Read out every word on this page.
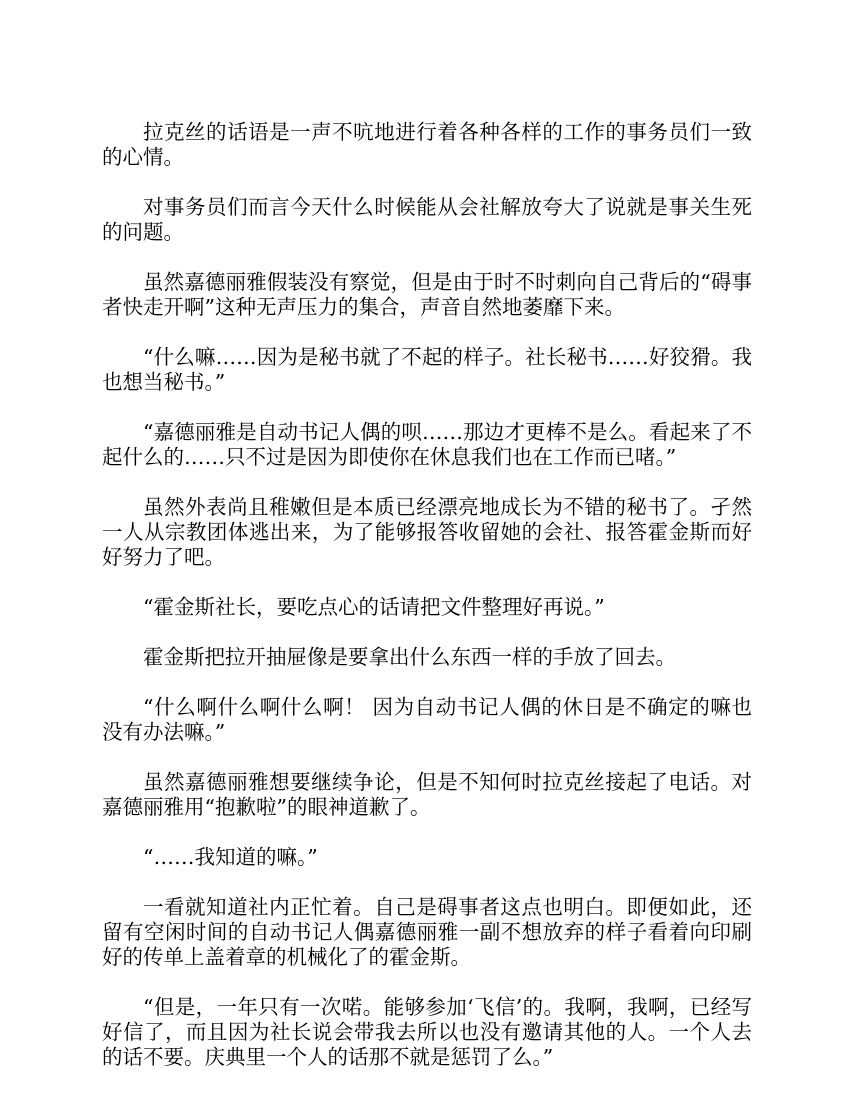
拉克丝的话语是一声不吭地进行着各种各样的工作的事务员们一致的心情。

对事务员们而言今天什么时候能从会社解放夸大了说就是事关生死的问题。

虽然嘉德丽雅假装没有察觉，但是由于时不时刺向自己背后的“碍事者快走开啊”这种无声压力的集合，声音自然地萎靡下来。

“什么嘛……因为是秘书就了不起的样子。社长秘书……好狡猾。我也想当秘书。”

“嘉德丽雅是自动书记人偶的呗……那边才更棒不是么。看起来了不起什么的……只不过是因为即使你在休息我们也在工作而已啫。”

虽然外表尚且稚嫩但是本质已经漂亮地成长为不错的秘书了。孑然一人从宗教团体逃出来，为了能够报答收留她的会社、报答霍金斯而好好努力了吧。

“霍金斯社长，要吃点心的话请把文件整理好再说。”

霍金斯把拉开抽屉像是要拿出什么东西一样的手放了回去。

“什么啊什么啊什么啊！ 因为自动书记人偶的休日是不确定的嘛也没有办法嘛。”

虽然嘉德丽雅想要继续争论，但是不知何时拉克丝接起了电话。对嘉德丽雅用“抱歉啦”的眼神道歉了。

“……我知道的嘛。”

一看就知道社内正忙着。自己是碍事者这点也明白。即便如此，还留有空闲时间的自动书记人偶嘉德丽雅一副不想放弃的样子看着向印刷好的传单上盖着章的机械化了的霍金斯。

“但是，一年只有一次喏。能够参加‘飞信’的。我啊，我啊，已经写好信了，而且因为社长说会带我去所以也没有邀请其他的人。一个人去的话不要。庆典里一个人的话那不就是惩罚了么。”
